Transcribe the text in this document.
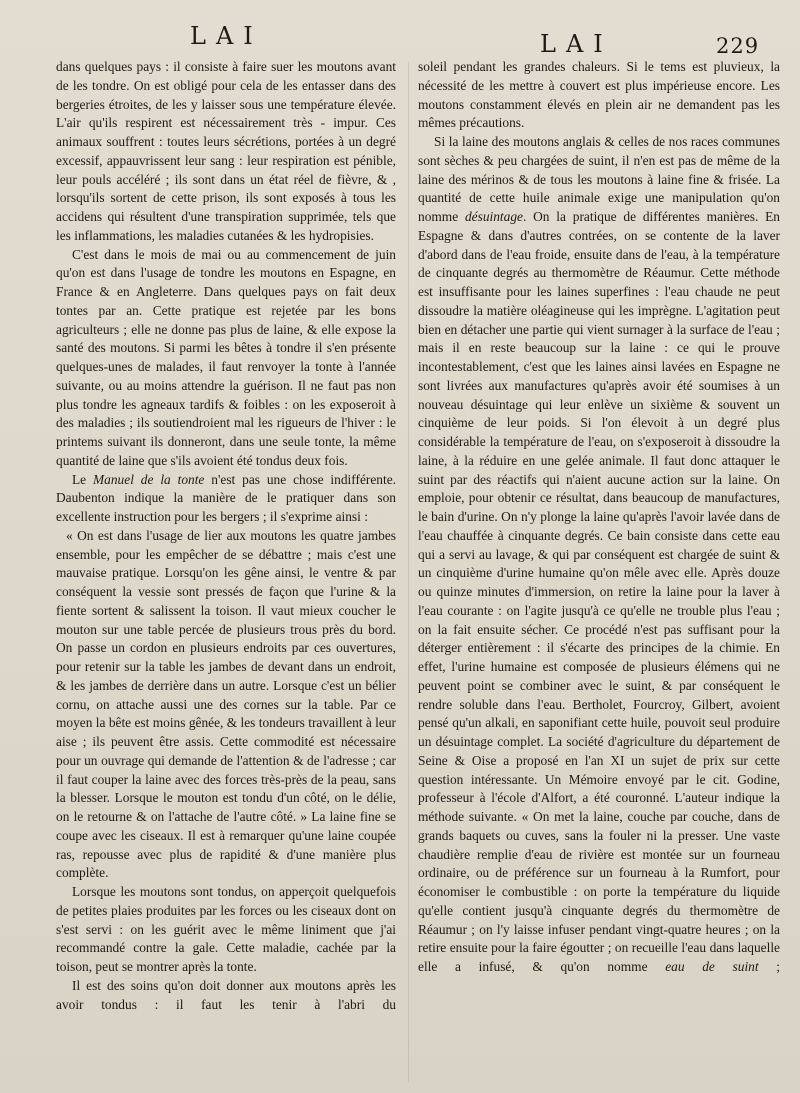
LAI	LAI	229

dans quelques pays : il consiste à faire suer les moutons avant de les tondre. On est obligé pour cela de les entasser dans des bergeries étroites, de les y laisser sous une température élevée. L'air qu'ils respirent est nécessairement très - impur. Ces animaux souffrent : toutes leurs sécrétions, portées à un degré excessif, appauvrissent leur sang : leur respiration est pénible, leur pouls accéléré ; ils sont dans un état réel de fièvre, & , lorsqu'ils sortent de cette prison, ils sont exposés à tous les accidens qui résultent d'une transpiration supprimée, tels que les inflammations, les maladies cutanées & les hydropisies.

C'est dans le mois de mai ou au commencement de juin qu'on est dans l'usage de tondre les moutons en Espagne, en France & en Angleterre. Dans quelques pays on fait deux tontes par an. Cette pratique est rejetée par les bons agriculteurs ; elle ne donne pas plus de laine, & elle expose la santé des moutons. Si parmi les bêtes à tondre il s'en présente quelques-unes de malades, il faut renvoyer la tonte à l'année suivante, ou au moins attendre la guérison. Il ne faut pas non plus tondre les agneaux tardifs & foibles : on les exposeroit à des maladies ; ils soutiendroient mal les rigueurs de l'hiver : le printems suivant ils donneront, dans une seule tonte, la même quantité de laine que s'ils avoient été tondus deux fois.

Le Manuel de la tonte n'est pas une chose indifférente. Daubenton indique la manière de le pratiquer dans son excellente instruction pour les bergers ; il s'exprime ainsi :

« On est dans l'usage de lier aux moutons les quatre jambes ensemble, pour les empêcher de se débattre ; mais c'est une mauvaise pratique. Lorsqu'on les gêne ainsi, le ventre & par conséquent la vessie sont pressés de façon que l'urine & la fiente sortent & salissent la toison. Il vaut mieux coucher le mouton sur une table percée de plusieurs trous près du bord. On passe un cordon en plusieurs endroits par ces ouvertures, pour retenir sur la table les jambes de devant dans un endroit, & les jambes de derrière dans un autre. Lorsque c'est un bélier cornu, on attache aussi une des cornes sur la table. Par ce moyen la bête est moins gênée, & les tondeurs travaillent à leur aise ; ils peuvent être assis. Cette commodité est nécessaire pour un ouvrage qui demande de l'attention & de l'adresse ; car il faut couper la laine avec des forces très-près de la peau, sans la blesser. Lorsque le mouton est tondu d'un côté, on le délie, on le retourne & on l'attache de l'autre côté. » La laine fine se coupe avec les ciseaux. Il est à remarquer qu'une laine coupée ras, repousse avec plus de rapidité & d'une manière plus complète.

Lorsque les moutons sont tondus, on apperçoit quelquefois de petites plaies produites par les forces ou les ciseaux dont on s'est servi : on les guérit avec le même liniment que j'ai recommandé contre la gale. Cette maladie, cachée par la toison, peut se montrer après la tonte.

Il est des soins qu'on doit donner aux moutons après les avoir tondus : il faut les tenir à l'abri du

soleil pendant les grandes chaleurs. Si le tems est pluvieux, la nécessité de les mettre à couvert est plus impérieuse encore. Les moutons constamment élevés en plein air ne demandent pas les mêmes précautions.

Si la laine des moutons anglais & celles de nos races communes sont sèches & peu chargées de suint, il n'en est pas de même de la laine des mérinos & de tous les moutons à laine fine & frisée. La quantité de cette huile animale exige une manipulation qu'on nomme désuintage. On la pratique de différentes manières. En Espagne & dans d'autres contrées, on se contente de la laver d'abord dans de l'eau froide, ensuite dans de l'eau, à la température de cinquante degrés au thermomètre de Réaumur. Cette méthode est insuffisante pour les laines superfines : l'eau chaude ne peut dissoudre la matière oléagineuse qui les imprègne. L'agitation peut bien en détacher une partie qui vient surnager à la surface de l'eau ; mais il en reste beaucoup sur la laine : ce qui le prouve incontestablement, c'est que les laines ainsi lavées en Espagne ne sont livrées aux manufactures qu'après avoir été soumises à un nouveau désuintage qui leur enlève un sixième & souvent un cinquième de leur poids. Si l'on élevoit à un degré plus considérable la température de l'eau, on s'exposeroit à dissoudre la laine, à la réduire en une gelée animale. Il faut donc attaquer le suint par des réactifs qui n'aient aucune action sur la laine. On emploie, pour obtenir ce résultat, dans beaucoup de manufactures, le bain d'urine. On n'y plonge la laine qu'après l'avoir lavée dans de l'eau chauffée à cinquante degrés. Ce bain consiste dans cette eau qui a servi au lavage, & qui par conséquent est chargée de suint & un cinquième d'urine humaine qu'on mêle avec elle. Après douze ou quinze minutes d'immersion, on retire la laine pour la laver à l'eau courante : on l'agite jusqu'à ce qu'elle ne trouble plus l'eau ; on la fait ensuite sécher. Ce procédé n'est pas suffisant pour la déterger entièrement : il s'écarte des principes de la chimie. En effet, l'urine humaine est composée de plusieurs élémens qui ne peuvent point se combiner avec le suint, & par conséquent le rendre soluble dans l'eau. Bertholet, Fourcroy, Gilbert, avoient pensé qu'un alkali, en saponifiant cette huile, pouvoit seul produire un désuintage complet. La société d'agriculture du département de Seine & Oise a proposé en l'an XI un sujet de prix sur cette question intéressante. Un Mémoire envoyé par le cit. Godine, professeur à l'école d'Alfort, a été couronné. L'auteur indique la méthode suivante. « On met la laine, couche par couche, dans de grands baquets ou cuves, sans la fouler ni la presser. Une vaste chaudière remplie d'eau de rivière est montée sur un fourneau ordinaire, ou de préférence sur un fourneau à la Rumfort, pour économiser le combustible : on porte la température du liquide qu'elle contient jusqu'à cinquante degrés du thermomètre de Réaumur ; on l'y laisse infuser pendant vingt-quatre heures ; on la retire ensuite pour la faire égoutter ; on recueille l'eau dans laquelle elle a infusé, & qu'on nomme eau de suint ;
